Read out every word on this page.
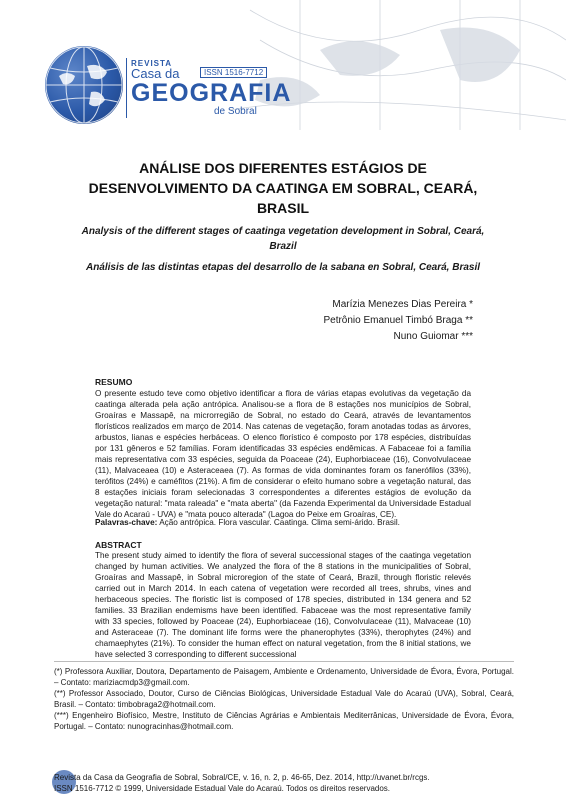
REVISTA
Casa da	ISSN 1516-7712
GEOGRAFIA
de Sobral
ANÁLISE DOS DIFERENTES ESTÁGIOS DE DESENVOLVIMENTO DA CAATINGA EM SOBRAL, CEARÁ, BRASIL
Analysis of the different stages of caatinga vegetation development in Sobral, Ceará, Brazil
Análisis de las distintas etapas del desarrollo de la sabana en Sobral, Ceará, Brasil
Marízia Menezes Dias Pereira *
Petrônio Emanuel Timbó Braga **
Nuno Guiomar ***
RESUMO

O presente estudo teve como objetivo identificar a flora de várias etapas evolutivas da vegetação da caatinga alterada pela ação antrópica. Analisou-se a flora de 8 estações nos municípios de Sobral, Groaíras e Massapê, na microrregião de Sobral, no estado do Ceará, através de levantamentos florísticos realizados em março de 2014. Nas catenas de vegetação, foram anotadas todas as árvores, arbustos, lianas e espécies herbáceas. O elenco florístico é composto por 178 espécies, distribuídas por 131 gêneros e 52 famílias. Foram identificadas 33 espécies endêmicas. A Fabaceae foi a família mais representativa com 33 espécies, seguida da Poaceae (24), Euphorbiaceae (16), Convolvulaceae (11), Malvaceaea (10) e Asteraceaea (7). As formas de vida dominantes foram os fanerófilos (33%), terófitos (24%) e caméfitos (21%). A fim de considerar o efeito humano sobre a vegetação natural, das 8 estações iniciais foram selecionadas 3 correspondentes a diferentes estágios de evolução da vegetação natural: "mata raleada" e "mata aberta" (da Fazenda Experimental da Universidade Estadual Vale do Acaraú - UVA) e "mata pouco alterada" (Lagoa do Peixe em Groaíras, CE).

Palavras-chave: Ação antrópica. Flora vascular. Caatinga. Clima semi-árido. Brasil.
ABSTRACT

The present study aimed to identify the flora of several successional stages of the caatinga vegetation changed by human activities. We analyzed the flora of the 8 stations in the municipalities of Sobral, Groaíras and Massapê, in Sobral microregion of the state of Ceará, Brazil, through floristic relevés carried out in March 2014. In each catena of vegetation were recorded all trees, shrubs, vines and herbaceous species. The floristic list is composed of 178 species, distributed in 134 genera and 52 families. 33 Brazilian endemisms have been identified. Fabaceae was the most representative family with 33 species, followed by Poaceae (24), Euphorbiaceae (16), Convolvulaceae (11), Malvaceae (10) and Asteraceae (7). The dominant life forms were the phanerophytes (33%), therophytes (24%) and chamaephytes (21%). To consider the human effect on natural vegetation, from the 8 initial stations, we have selected 3 corresponding to different successional

(*) Professora Auxiliar, Doutora, Departamento de Paisagem, Ambiente e Ordenamento, Universidade de Évora, Évora, Portugal. – Contato: mariziacmdp3@gmail.com.

(**) Professor Associado, Doutor, Curso de Ciências Biológicas, Universidade Estadual Vale do Acaraú (UVA), Sobral, Ceará, Brasil. – Contato: timbobraga2@hotmail.com.

(***) Engenheiro Biofísico, Mestre, Instituto de Ciências Agrárias e Ambientais Mediterrânicas, Universidade de Évora, Évora, Portugal. – Contato: nunogracinhas@hotmail.com.

Revista da Casa da Geografia de Sobral, Sobral/CE, v. 16, n. 2, p. 46-65, Dez. 2014, http://uvanet.br/rcgs.
ISSN 1516-7712 © 1999, Universidade Estadual Vale do Acaraú. Todos os direitos reservados.
